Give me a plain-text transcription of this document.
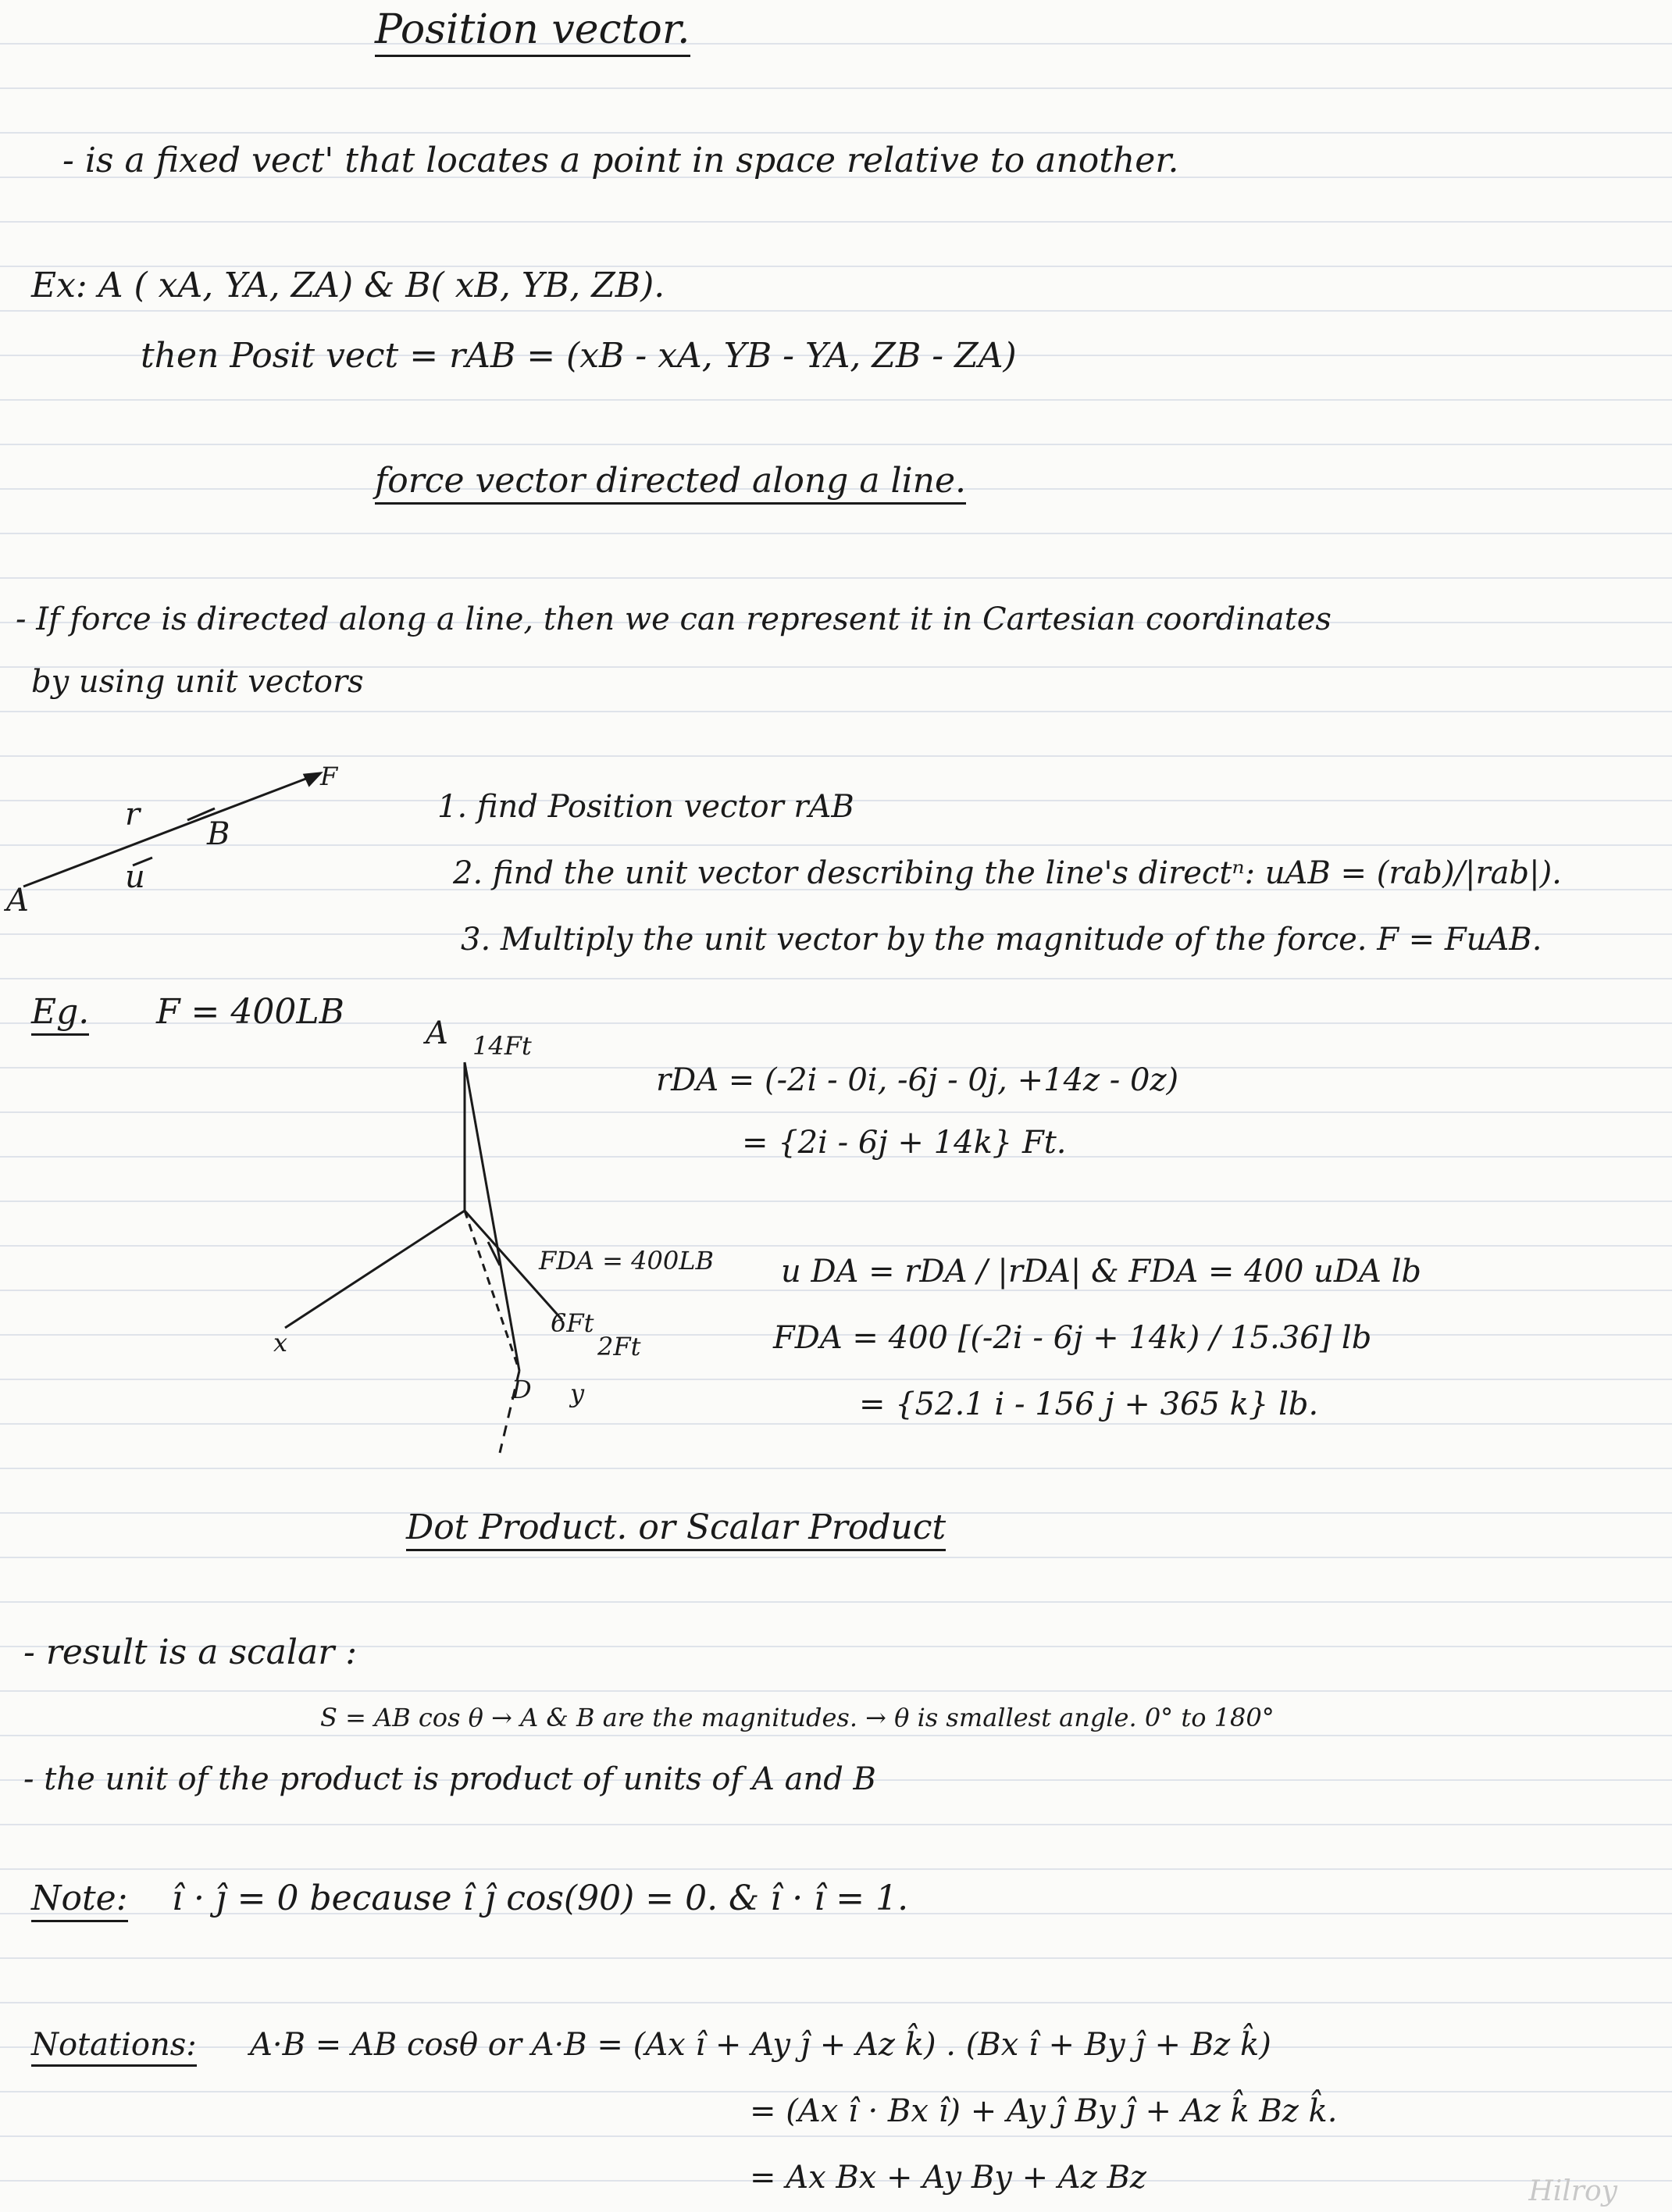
Position vector.
- is a fixed vect' that locates a point in space relative to another.
Ex: A ( xA, YA, ZA) & B( xB, YB, ZB).
then Posit vect = rAB = (xB - xA, YB - YA, ZB - ZA)
force vector directed along a line.
- If force is directed along a line, then we can represent it in Cartesian coordinates
by using unit vectors
A
B
F
r
u
1. find Position vector rAB
2. find the unit vector describing the line's directⁿ: uAB = (rab)/|rab|).
3. Multiply the unit vector by the magnitude of the force. F = FuAB.
Eg. F = 400LB
A 14Ft
FDA = 400LB
6Ft
2Ft
x
y
D
rDA = (-2i - 0i, -6j - 0j, +14z - 0z)
= {2i - 6j + 14k} Ft.
u DA = rDA / |rDA| & FDA = 400 uDA lb
FDA = 400 [(-2i - 6j + 14k) / 15.36] lb
= {52.1 i - 156 j + 365 k} lb.
Dot Product. or Scalar Product
- result is a scalar :
S = AB cos θ → A & B are the magnitudes. → θ is smallest angle. 0° to 180°
- the unit of the product is product of units of A and B
Note: î · ĵ = 0 because î ĵ cos(90) = 0. & î · î = 1.
Notations: A·B = AB cosθ or A·B = (Ax î + Ay ĵ + Az k̂) . (Bx î + By ĵ + Bz k̂)
= (Ax î · Bx î) + Ay ĵ By ĵ + Az k̂ Bz k̂.
= Ax Bx + Ay By + Az Bz	Hilroy
